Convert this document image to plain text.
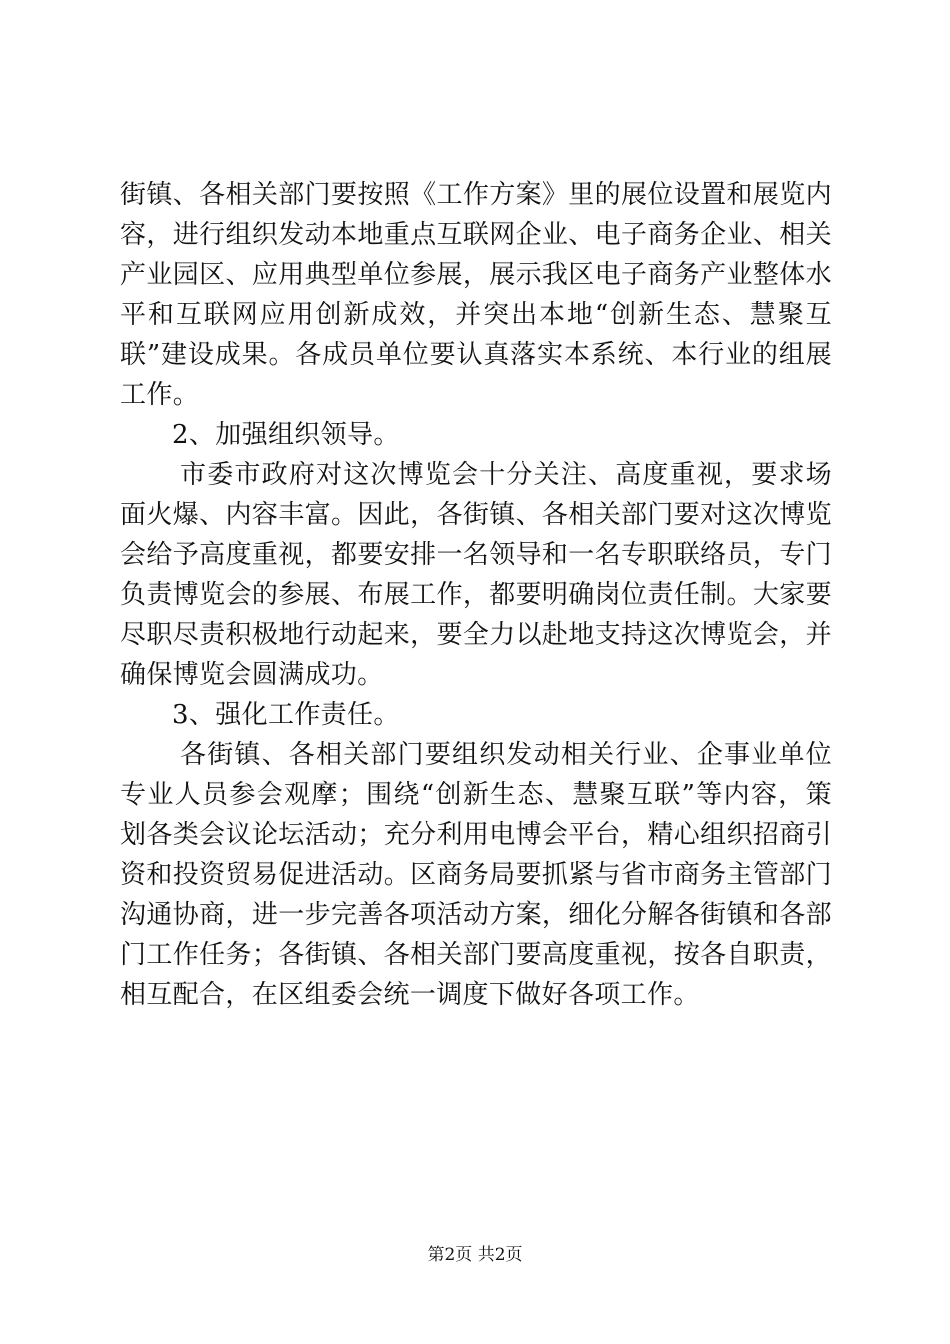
街镇、各相关部门要按照《工作方案》里的展位设置和展览内容，进行组织发动本地重点互联网企业、电子商务企业、相关产业园区、应用典型单位参展，展示我区电子商务产业整体水平和互联网应用创新成效，并突出本地“创新生态、慧聚互联”建设成果。各成员单位要认真落实本系统、本行业的组展工作。

2、加强组织领导。

市委市政府对这次博览会十分关注、高度重视，要求场面火爆、内容丰富。因此，各街镇、各相关部门要对这次博览会给予高度重视，都要安排一名领导和一名专职联络员，专门负责博览会的参展、布展工作，都要明确岗位责任制。大家要尽职尽责积极地行动起来，要全力以赴地支持这次博览会，并确保博览会圆满成功。

3、强化工作责任。

各街镇、各相关部门要组织发动相关行业、企事业单位专业人员参会观摩；围绕“创新生态、慧聚互联”等内容，策划各类会议论坛活动；充分利用电博会平台，精心组织招商引资和投资贸易促进活动。区商务局要抓紧与省市商务主管部门沟通协商，进一步完善各项活动方案，细化分解各街镇和各部门工作任务；各街镇、各相关部门要高度重视，按各自职责，相互配合，在区组委会统一调度下做好各项工作。

第2页 共2页
